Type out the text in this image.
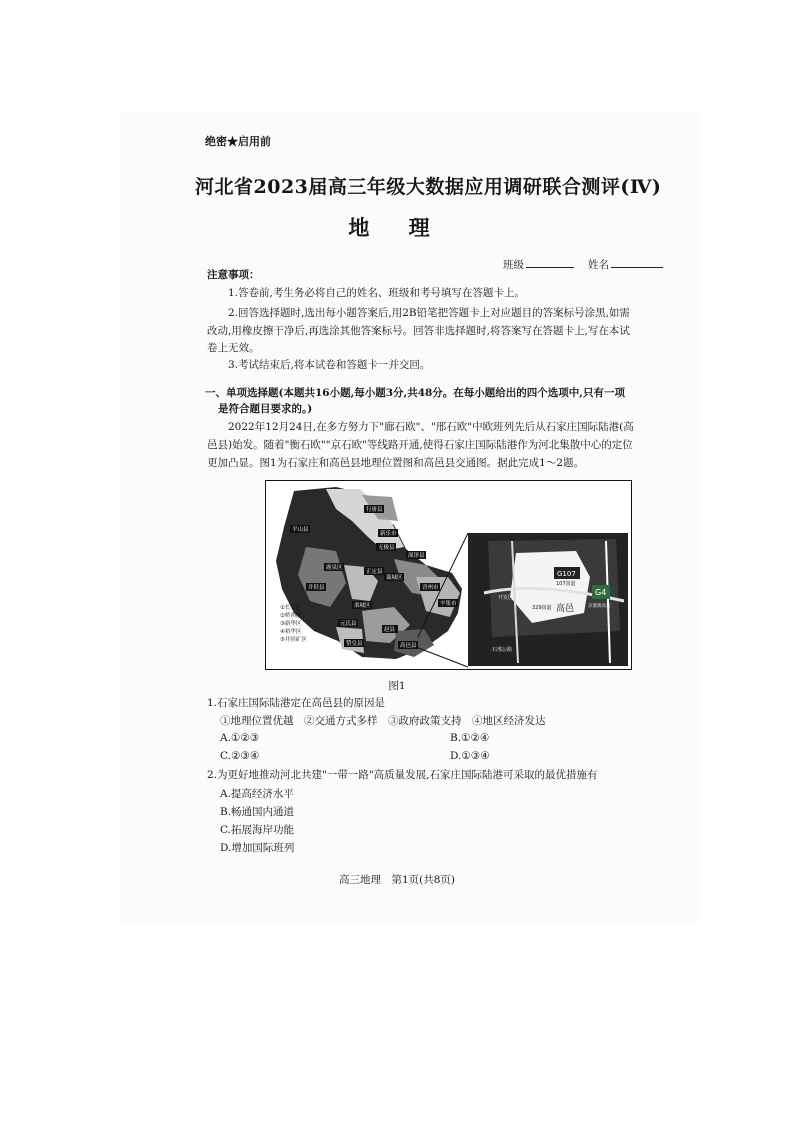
绝密★启用前
河北省2023届高三年级大数据应用调研联合测评(Ⅳ)
地 理
班级	姓名
注意事项：
1.答卷前,考生务必将自己的姓名、班级和考号填写在答题卡上。
2.回答选择题时,选出每小题答案后,用2B铅笔把答题卡上对应题目的答案标号涂黑,如需
改动,用橡皮擦干净后,再选涂其他答案标号。回答非选择题时,将答案写在答题卡上,写在本试
卷上无效。
3.考试结束后,将本试卷和答题卡一并交回。
一、单项选择题(本题共16小题,每小题3分,共48分。在每小题给出的四个选项中,只有一项
是符合题目要求的。)
2022年12月24日,在多方努力下"廊石欧"、"邢石欧"中欧班列先后从石家庄国际陆港(高
邑县)始发。随着"衡石欧""京石欧"等线路开通,使得石家庄国际陆港作为河北集散中心的定位
更加凸显。图1为石家庄和高邑县地理位置图和高邑县交通图。据此完成1～2题。
行唐县
平山县
新乐市
无极县
深泽县
正定县
鹿泉区
藁城区
井陉县	晋州市
辛集市
栾城区
元氏县
赵县
赞皇县	高邑县
①长安区
②桥西区
③新华区
④裕华区
⑤井陉矿区
G107
107国道
G4
京港澳高速
高邑
329国道
石邢公路
开发区
图1
1.石家庄国际陆港定在高邑县的原因是
①地理位置优越　②交通方式多样　③政府政策支持　④地区经济发达
A.①②③	B.①②④
C.②③④	D.①③④
2.为更好地推动河北共建"一带一路"高质量发展,石家庄国际陆港可采取的最优措施有
A.提高经济水平
B.畅通国内通道
C.拓展海岸功能
D.增加国际班列
高三地理　第1页(共8页)
